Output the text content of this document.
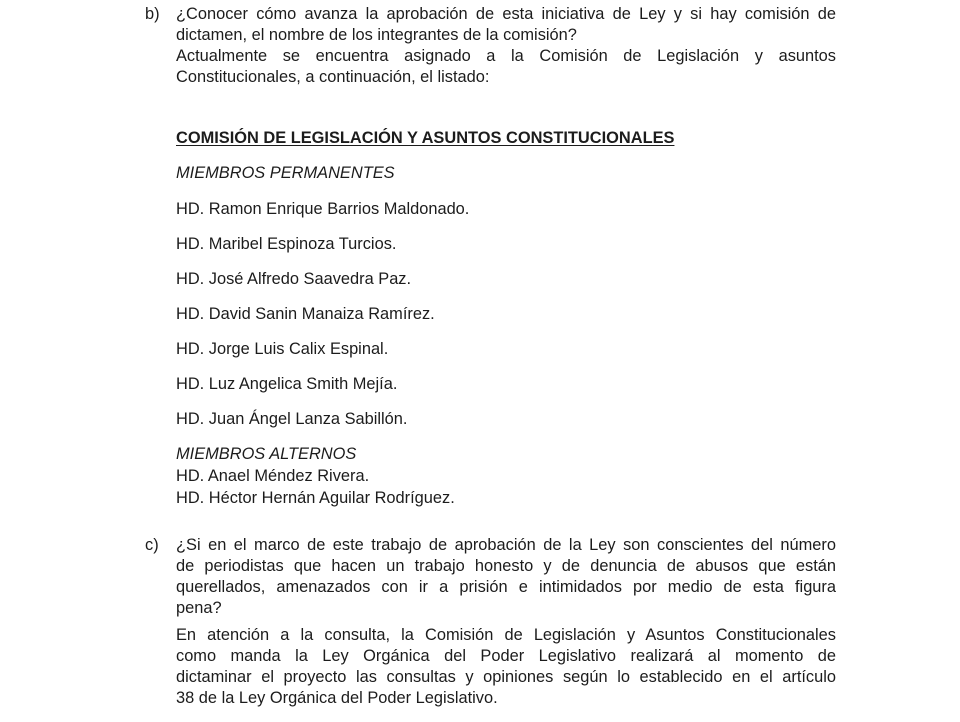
b) ¿Conocer cómo avanza la aprobación de esta iniciativa de Ley y si hay comisión de
dictamen, el nombre de los integrantes de la comisión?
Actualmente se encuentra asignado a la Comisión de Legislación y asuntos
Constitucionales, a continuación, el listado:
COMISIÓN DE LEGISLACIÓN Y ASUNTOS CONSTITUCIONALES
MIEMBROS PERMANENTES
HD. Ramon Enrique Barrios Maldonado.
HD. Maribel Espinoza Turcios.
HD. José Alfredo Saavedra Paz.
HD. David Sanin Manaiza Ramírez.
HD. Jorge Luis Calix Espinal.
HD. Luz Angelica Smith Mejía.
HD. Juan Ángel Lanza Sabillón.
MIEMBROS ALTERNOS
HD. Anael Méndez Rivera.
HD. Héctor Hernán Aguilar Rodríguez.
c) ¿Si en el marco de este trabajo de aprobación de la Ley son conscientes del número
de periodistas que hacen un trabajo honesto y de denuncia de abusos que están
querellados, amenazados con ir a prisión e intimidados por medio de esta figura
pena?
En atención a la consulta, la Comisión de Legislación y Asuntos Constitucionales
como manda la Ley Orgánica del Poder Legislativo realizará al momento de
dictaminar el proyecto las consultas y opiniones según lo establecido en el artículo
38 de la Ley Orgánica del Poder Legislativo.
